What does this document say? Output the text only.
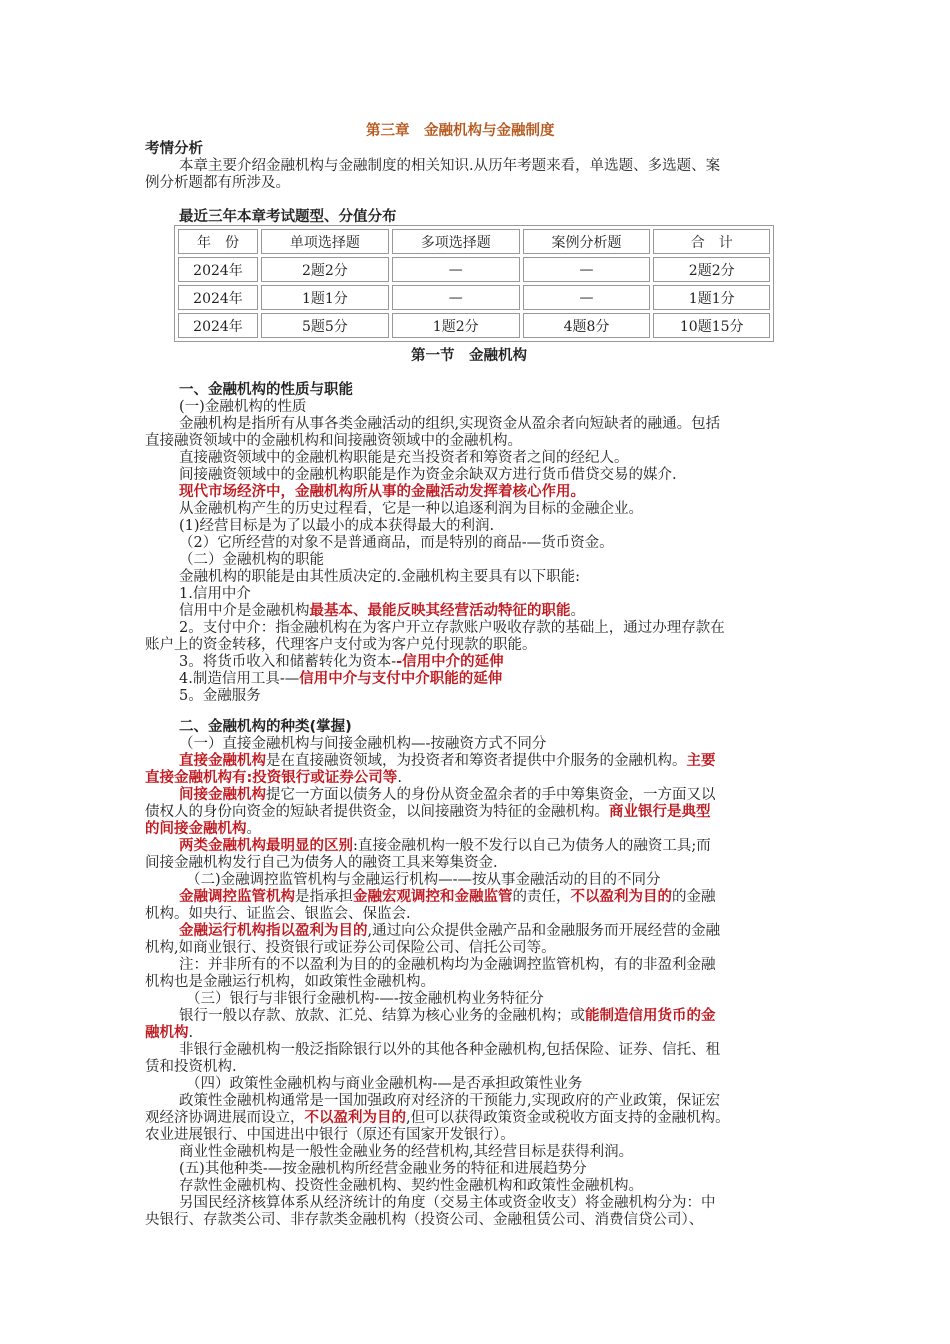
第三章　金融机构与金融制度
考情分析
本章主要介绍金融机构与金融制度的相关知识.从历年考题来看，单选题、多选题、案
例分析题都有所涉及。
最近三年本章考试题型、分值分布
年　份	单项选择题	多项选择题	案例分析题	合　计
2024年	2题2分	—	—	2题2分
2024年	1题1分	—	—	1题1分
2024年	5题5分	1题2分	4题8分	10题15分
第一节　金融机构
一、金融机构的性质与职能
(一)金融机构的性质
金融机构是指所有从事各类金融活动的组织,实现资金从盈余者向短缺者的融通。包括
直接融资领域中的金融机构和间接融资领域中的金融机构。
直接融资领域中的金融机构职能是充当投资者和筹资者之间的经纪人。
间接融资领域中的金融机构职能是作为资金余缺双方进行货币借贷交易的媒介.
现代市场经济中，金融机构所从事的金融活动发挥着核心作用。
从金融机构产生的历史过程看，它是一种以追逐利润为目标的金融企业。
(1)经营目标是为了以最小的成本获得最大的利润.
（2）它所经营的对象不是普通商品，而是特别的商品-—货币资金。
（二）金融机构的职能
金融机构的职能是由其性质决定的.金融机构主要具有以下职能:
1.信用中介
信用中介是金融机构最基本、最能反映其经营活动特征的职能。
2。支付中介：指金融机构在为客户开立存款账户吸收存款的基础上，通过办理存款在
账户上的资金转移，代理客户支付或为客户兑付现款的职能。
3。将货币收入和储蓄转化为资本--信用中介的延伸
4.制造信用工具-—信用中介与支付中介职能的延伸
5。金融服务
二、金融机构的种类(掌握)
（一）直接金融机构与间接金融机构—-按融资方式不同分
直接金融机构是在直接融资领域，为投资者和筹资者提供中介服务的金融机构。主要
直接金融机构有:投资银行或证券公司等.
间接金融机构提它一方面以债务人的身份从资金盈余者的手中筹集资金，一方面又以
债权人的身份向资金的短缺者提供资金，以间接融资为特征的金融机构。商业银行是典型
的间接金融机构。
两类金融机构最明显的区别:直接金融机构一般不发行以自己为债务人的融资工具;而
间接金融机构发行自己为债务人的融资工具来筹集资金.
（二)金融调控监管机构与金融运行机构—-—按从事金融活动的目的不同分
金融调控监管机构是指承担金融宏观调控和金融监管的责任，不以盈利为目的的金融
机构。如央行、证监会、银监会、保监会.
金融运行机构指以盈利为目的,通过向公众提供金融产品和金融服务而开展经营的金融
机构,如商业银行、投资银行或证券公司保险公司、信托公司等。
注：并非所有的不以盈利为目的的金融机构均为金融调控监管机构，有的非盈利金融
机构也是金融运行机构，如政策性金融机构。
（三）银行与非银行金融机构-—-按金融机构业务特征分
银行一般以存款、放款、汇兑、结算为核心业务的金融机构；或能制造信用货币的金
融机构.
非银行金融机构一般泛指除银行以外的其他各种金融机构,包括保险、证券、信托、租
赁和投资机构.
（四）政策性金融机构与商业金融机构-—是否承担政策性业务
政策性金融机构通常是一国加强政府对经济的干预能力,实现政府的产业政策，保证宏
观经济协调进展而设立，不以盈利为目的,但可以获得政策资金或税收方面支持的金融机构。
农业进展银行、中国进出中银行（原还有国家开发银行）。
商业性金融机构是一般性金融业务的经营机构,其经营目标是获得利润。
(五)其他种类-—按金融机构所经营金融业务的特征和进展趋势分
存款性金融机构、投资性金融机构、契约性金融机构和政策性金融机构。
另国民经济核算体系从经济统计的角度（交易主体或资金收支）将金融机构分为：中
央银行、存款类公司、非存款类金融机构（投资公司、金融租赁公司、消费信贷公司）、
